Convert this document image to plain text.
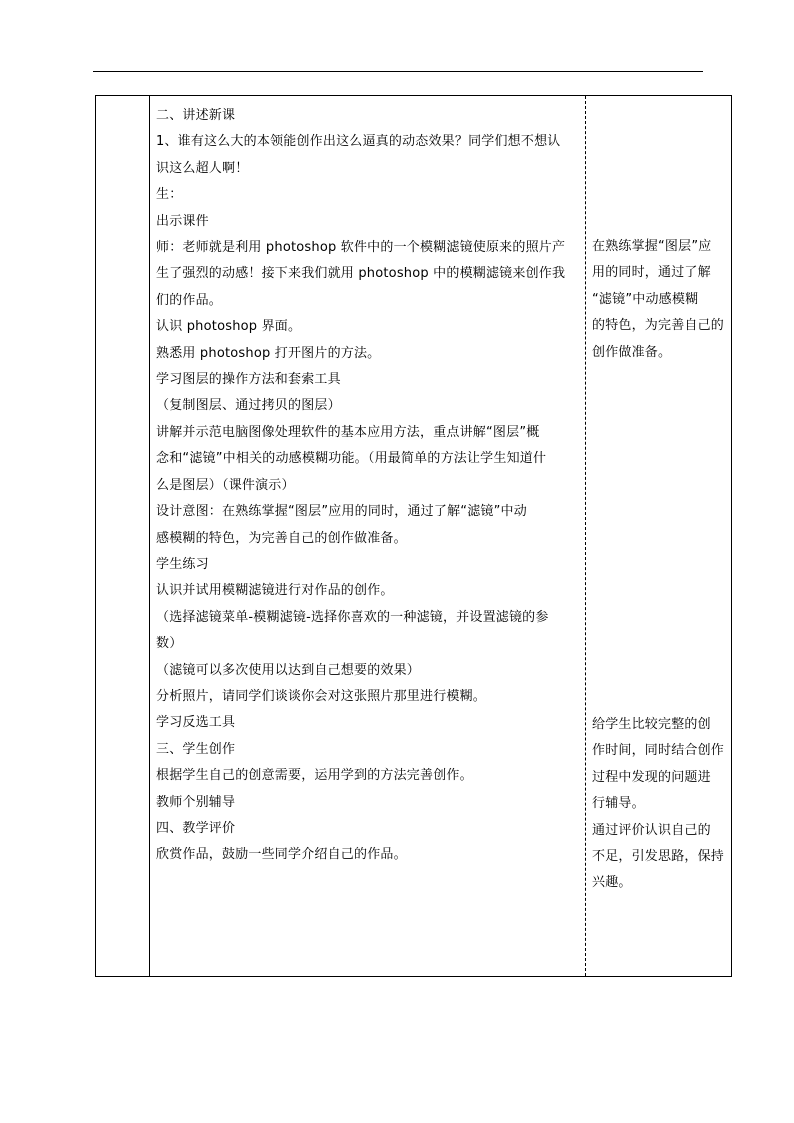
二、讲述新课
1、谁有这么大的本领能创作出这么逼真的动态效果？同学们想不想认
识这么超人啊！
生：
出示课件
师：老师就是利用 photoshop 软件中的一个模糊滤镜使原来的照片产
生了强烈的动感！接下来我们就用 photoshop 中的模糊滤镜来创作我
们的作品。
认识 photoshop 界面。
熟悉用 photoshop 打开图片的方法。
学习图层的操作方法和套索工具
（复制图层、通过拷贝的图层）
讲解并示范电脑图像处理软件的基本应用方法，重点讲解“图层”概
念和“滤镜”中相关的动感模糊功能。（用最简单的方法让学生知道什
么是图层）（课件演示）
设计意图：在熟练掌握“图层”应用的同时，通过了解“滤镜”中动
感模糊的特色，为完善自己的创作做准备。
学生练习
认识并试用模糊滤镜进行对作品的创作。
（选择滤镜菜单-模糊滤镜-选择你喜欢的一种滤镜，并设置滤镜的参
数）
（滤镜可以多次使用以达到自己想要的效果）
分析照片，请同学们谈谈你会对这张照片那里进行模糊。
学习反选工具
三、学生创作
根据学生自己的创意需要，运用学到的方法完善创作。
教师个别辅导
四、教学评价
欣赏作品，鼓励一些同学介绍自己的作品。
在熟练掌握“图层”应
用的同时，通过了解
“滤镜”中动感模糊
的特色，为完善自己的
创作做准备。
给学生比较完整的创
作时间，同时结合创作
过程中发现的问题进
行辅导。
通过评价认识自己的
不足，引发思路，保持
兴趣。
